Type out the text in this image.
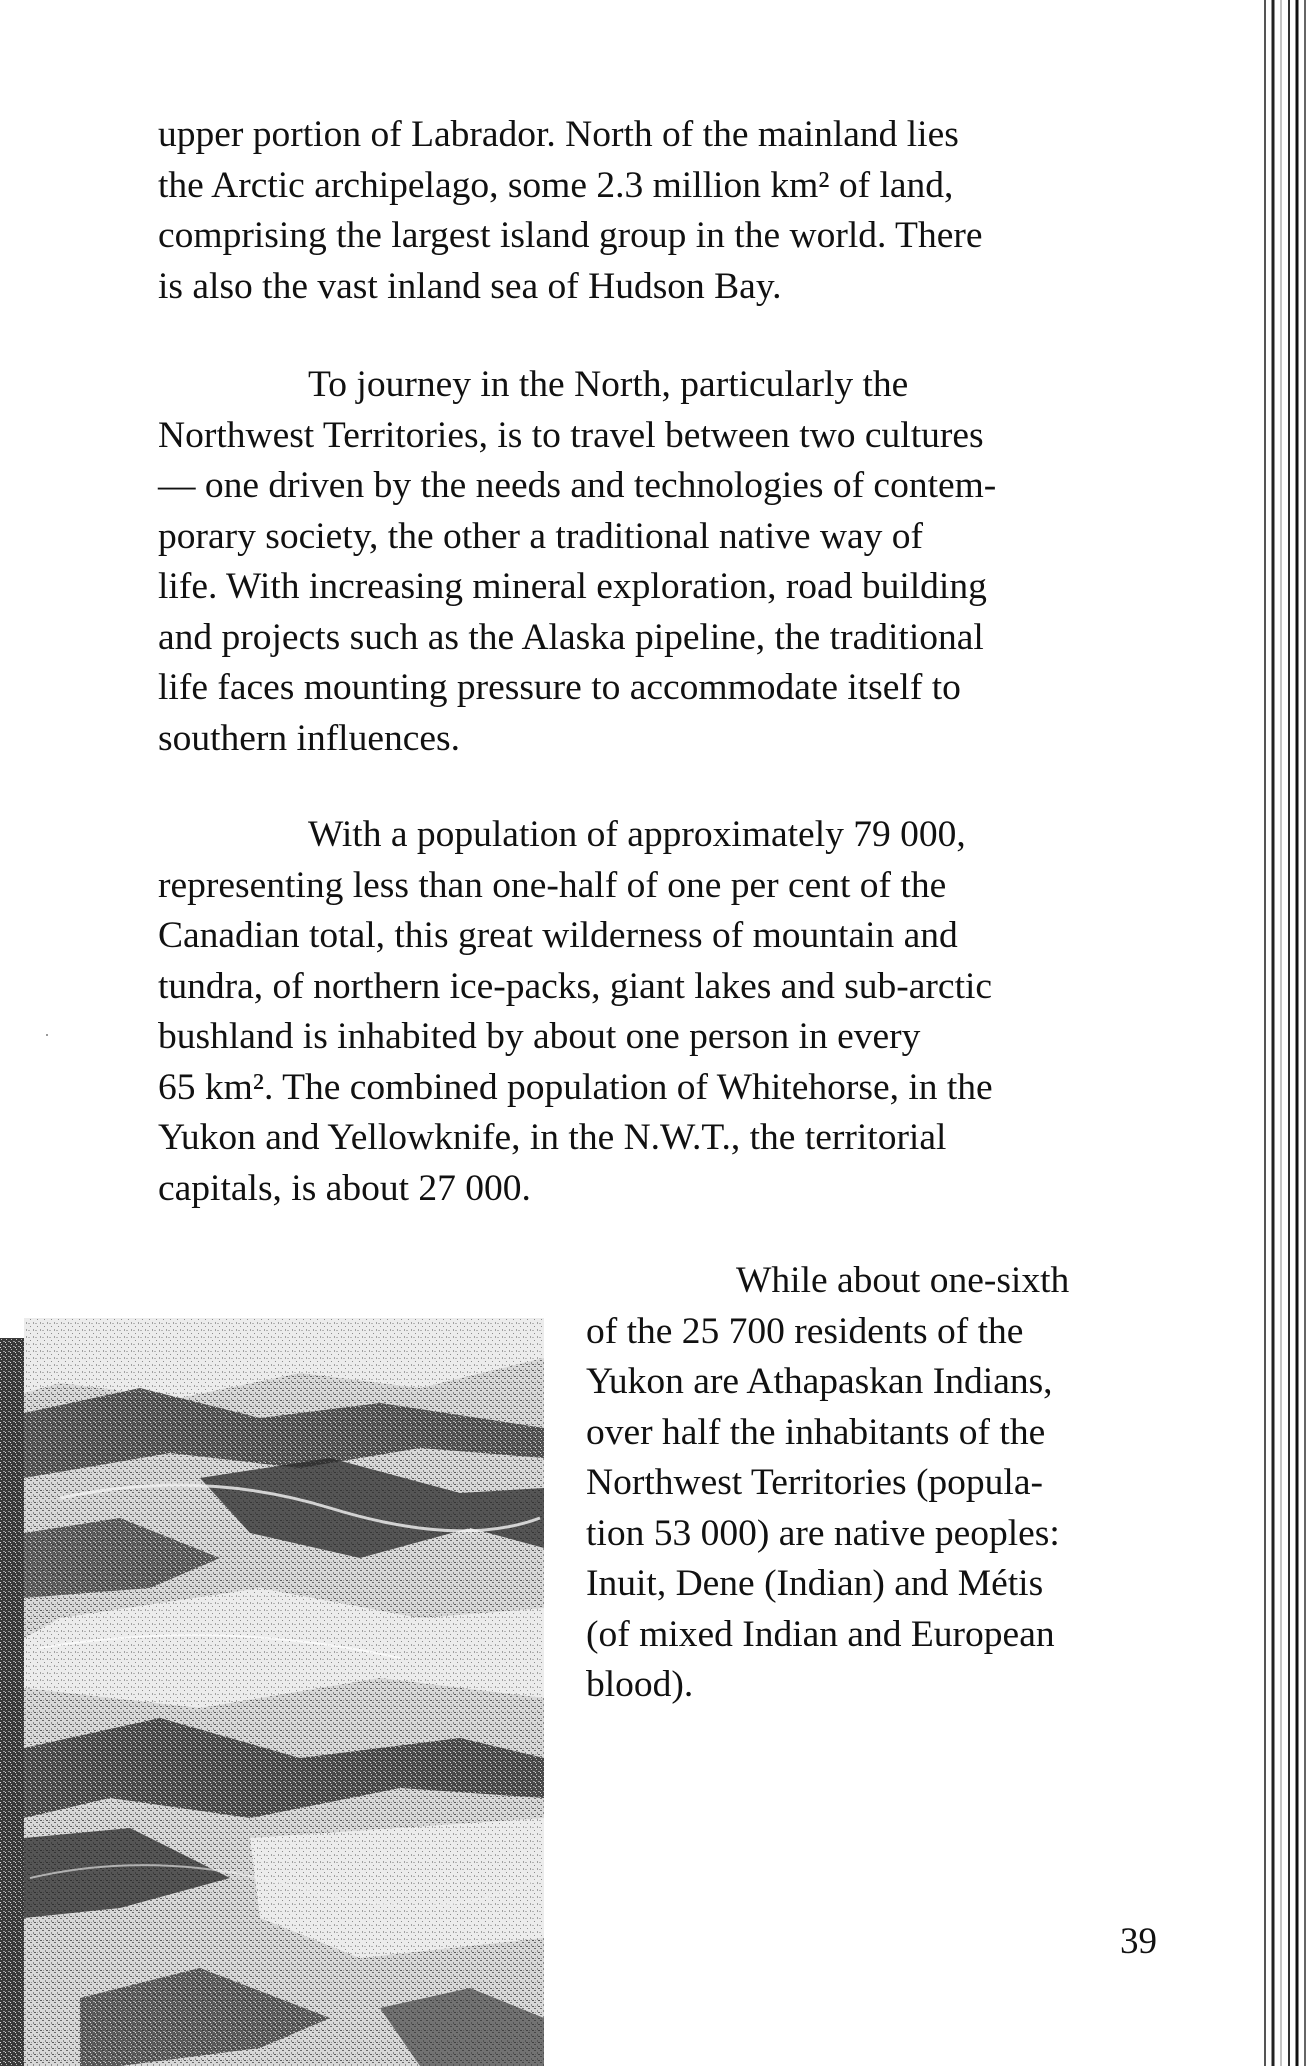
upper portion of Labrador. North of the mainland lies
the Arctic archipelago, some 2.3 million km² of land,
comprising the largest island group in the world. There
is also the vast inland sea of Hudson Bay.
To journey in the North, particularly the
Northwest Territories, is to travel between two cultures
— one driven by the needs and technologies of contem-
porary society, the other a traditional native way of
life. With increasing mineral exploration, road building
and projects such as the Alaska pipeline, the traditional
life faces mounting pressure to accommodate itself to
southern influences.
With a population of approximately 79 000,
representing less than one-half of one per cent of the
Canadian total, this great wilderness of mountain and
tundra, of northern ice-packs, giant lakes and sub-arctic
bushland is inhabited by about one person in every
65 km². The combined population of Whitehorse, in the
Yukon and Yellowknife, in the N.W.T., the territorial
capitals, is about 27 000.
While about one-sixth
of the 25 700 residents of the
Yukon are Athapaskan Indians,
over half the inhabitants of the
Northwest Territories (popula-
tion 53 000) are native peoples:
Inuit, Dene (Indian) and Métis
(of mixed Indian and European
blood).
39
